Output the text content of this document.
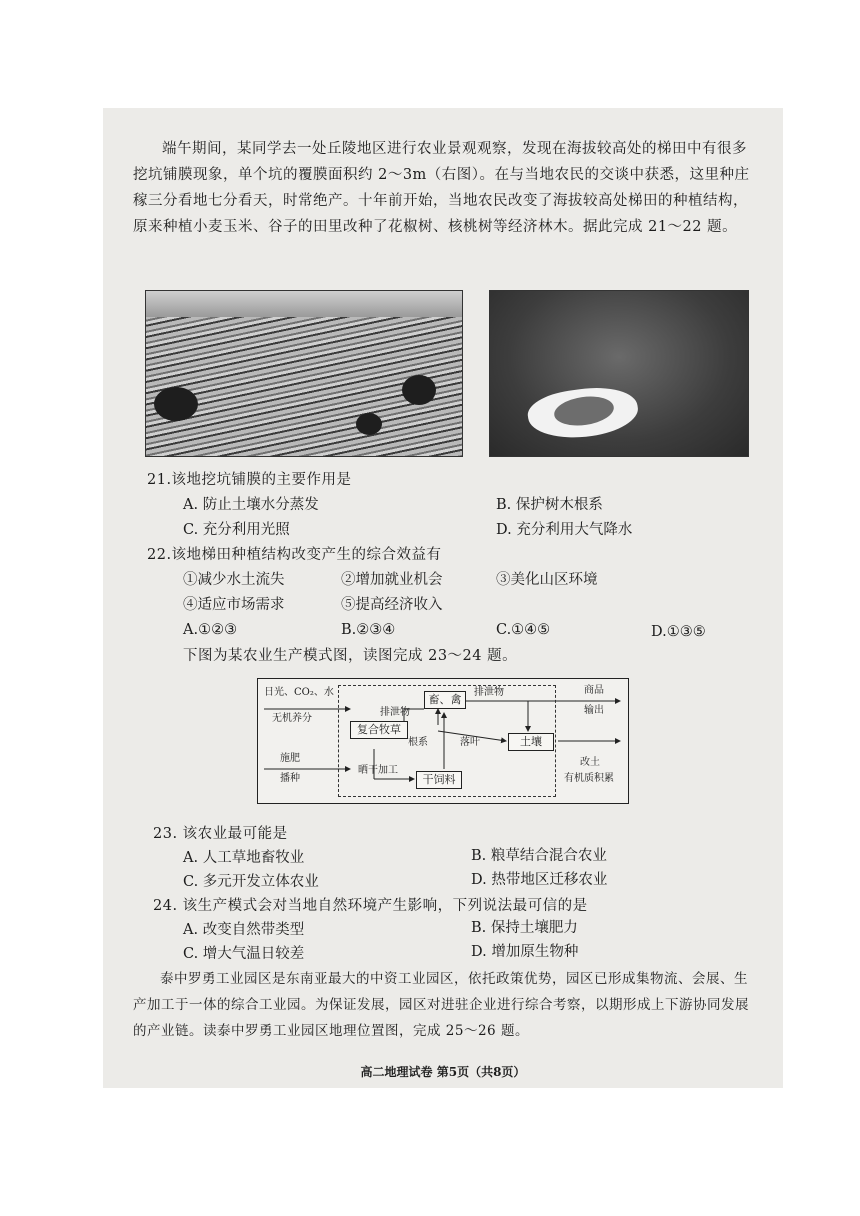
端午期间，某同学去一处丘陵地区进行农业景观观察，发现在海拔较高处的梯田中有很多挖坑铺膜现象，单个坑的覆膜面积约 2～3m（右图）。在与当地农民的交谈中获悉，这里种庄稼三分看地七分看天，时常绝产。十年前开始，当地农民改变了海拔较高处梯田的种植结构，原来种植小麦玉米、谷子的田里改种了花椒树、核桃树等经济林木。据此完成 21～22 题。
21.该地挖坑铺膜的主要作用是
A. 防止土壤水分蒸发	B. 保护树木根系
C. 充分利用光照	D. 充分利用大气降水
22.该地梯田种植结构改变产生的综合效益有
①减少水土流失	②增加就业机会	③美化山区环境
④适应市场需求	⑤提高经济收入
A.①②③	B.②③④	C.①④⑤	D.①③⑤
下图为某农业生产模式图，读图完成 23～24 题。
日光、CO₂、水
无机养分
施肥
播种
畜、禽
复合牧草
土壤
干饲料
排泄物
排泄物
根系	落叶
晒干加工
商品
输出
改土
有机质积累
23. 该农业最可能是
A. 人工草地畜牧业	B. 粮草结合混合农业
C. 多元开发立体农业	D. 热带地区迁移农业
24. 该生产模式会对当地自然环境产生影响，下列说法最可信的是
A. 改变自然带类型	B. 保持土壤肥力
C. 增大气温日较差	D. 增加原生物种
泰中罗勇工业园区是东南亚最大的中资工业园区，依托政策优势，园区已形成集物流、会展、生产加工于一体的综合工业园。为保证发展，园区对进驻企业进行综合考察，以期形成上下游协同发展的产业链。读泰中罗勇工业园区地理位置图，完成 25～26 题。
高二地理试卷 第5页（共8页）
